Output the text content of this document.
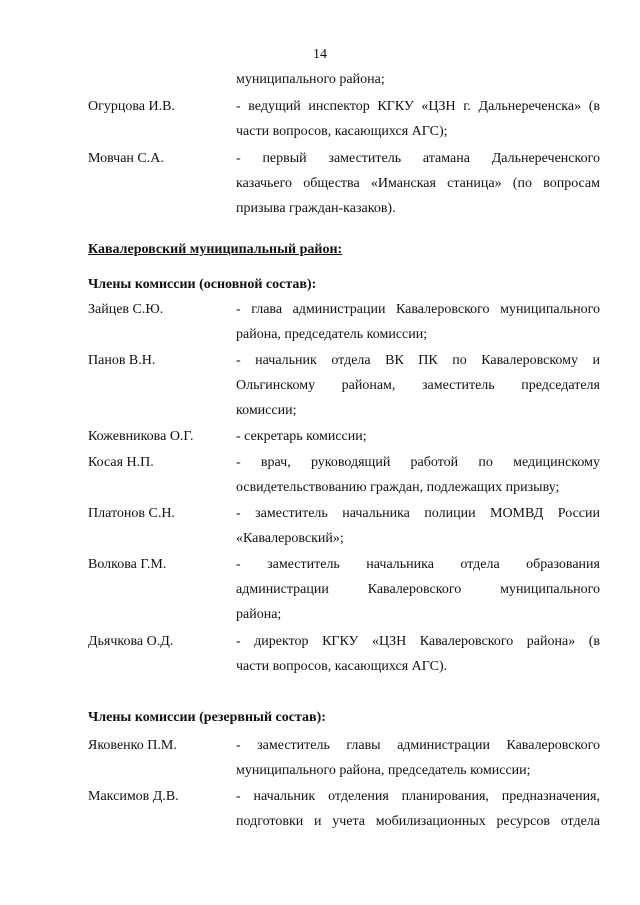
14
муниципального района;
Огурцова И.В.	- ведущий инспектор КГКУ «ЦЗН г. Дальнереченска» (в
части вопросов, касающихся АГС);
Мовчан С.А.	- первый заместитель атамана Дальнереченского
казачьего общества «Иманская станица» (по вопросам
призыва граждан-казаков).
Кавалеровский муниципальный район:
Члены комиссии (основной состав):
Зайцев С.Ю.	- глава администрации Кавалеровского муниципального
района, председатель комиссии;
Панов В.Н.	- начальник отдела ВК ПК по Кавалеровскому и
Ольгинскому районам, заместитель председателя
комиссии;
Кожевникова О.Г.	- секретарь комиссии;
Косая Н.П.	- врач, руководящий работой по медицинскому
освидетельствованию граждан, подлежащих призыву;
Платонов С.Н.	- заместитель начальника полиции МОМВД России
«Кавалеровский»;
Волкова Г.М.	- заместитель начальника отдела образования
администрации Кавалеровского муниципального
района;
Дьячкова О.Д.	- директор КГКУ «ЦЗН Кавалеровского района» (в
части вопросов, касающихся АГС).
Члены комиссии (резервный состав):
Яковенко П.М.	- заместитель главы администрации Кавалеровского
муниципального района, председатель комиссии;
Максимов Д.В.	- начальник отделения планирования, предназначения,
подготовки и учета мобилизационных ресурсов отдела
